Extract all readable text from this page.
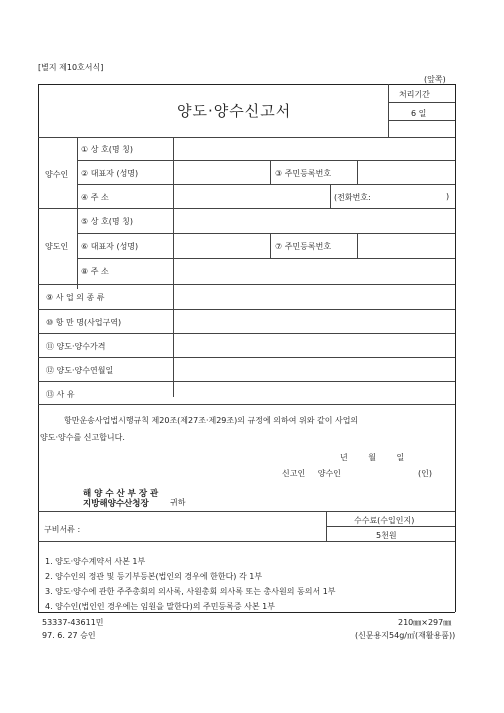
[별지 제10호서식]
(앞쪽)
양도·양수신고서
처리기간
6 일
양수인
① 상 호(명 칭)
② 대표자 (성명)	③ 주민등록번호
④ 주 소	(전화번호:	)
양도인
⑤ 상 호(명 칭)
⑥ 대표자 (성명)	⑦ 주민등록번호
⑧ 주 소
⑨ 사 업 의 종 류
⑩ 항 만 명(사업구역)
⑪ 양도·양수가격
⑫ 양도·양수연월일
⑬ 사 유
항만운송사업법시행규칙 제20조(제27조·제29조)의 규정에 의하여 위와 같이 사업의
양도·양수를 신고합니다.
년 월 일
신고인 양수인	(인)
해 양 수 산 부 장 관
지방해양수산청장	귀하
수수료(수입인지)
5천원
구비서류 :
1. 양도·양수계약서 사본 1부
2. 양수인의 정관 및 등기부등본(법인의 경우에 한한다) 각 1부
3. 양도·양수에 관한 주주총회의 의사록, 사원총회 의사록 또는 총사원의 동의서 1부
4. 양수인(법인인 경우에는 임원을 말한다)의 주민등록증 사본 1부
53337-43611민
97. 6. 27 승인
210㎜×297㎜
(신문용지54g/㎡(재활용품))
